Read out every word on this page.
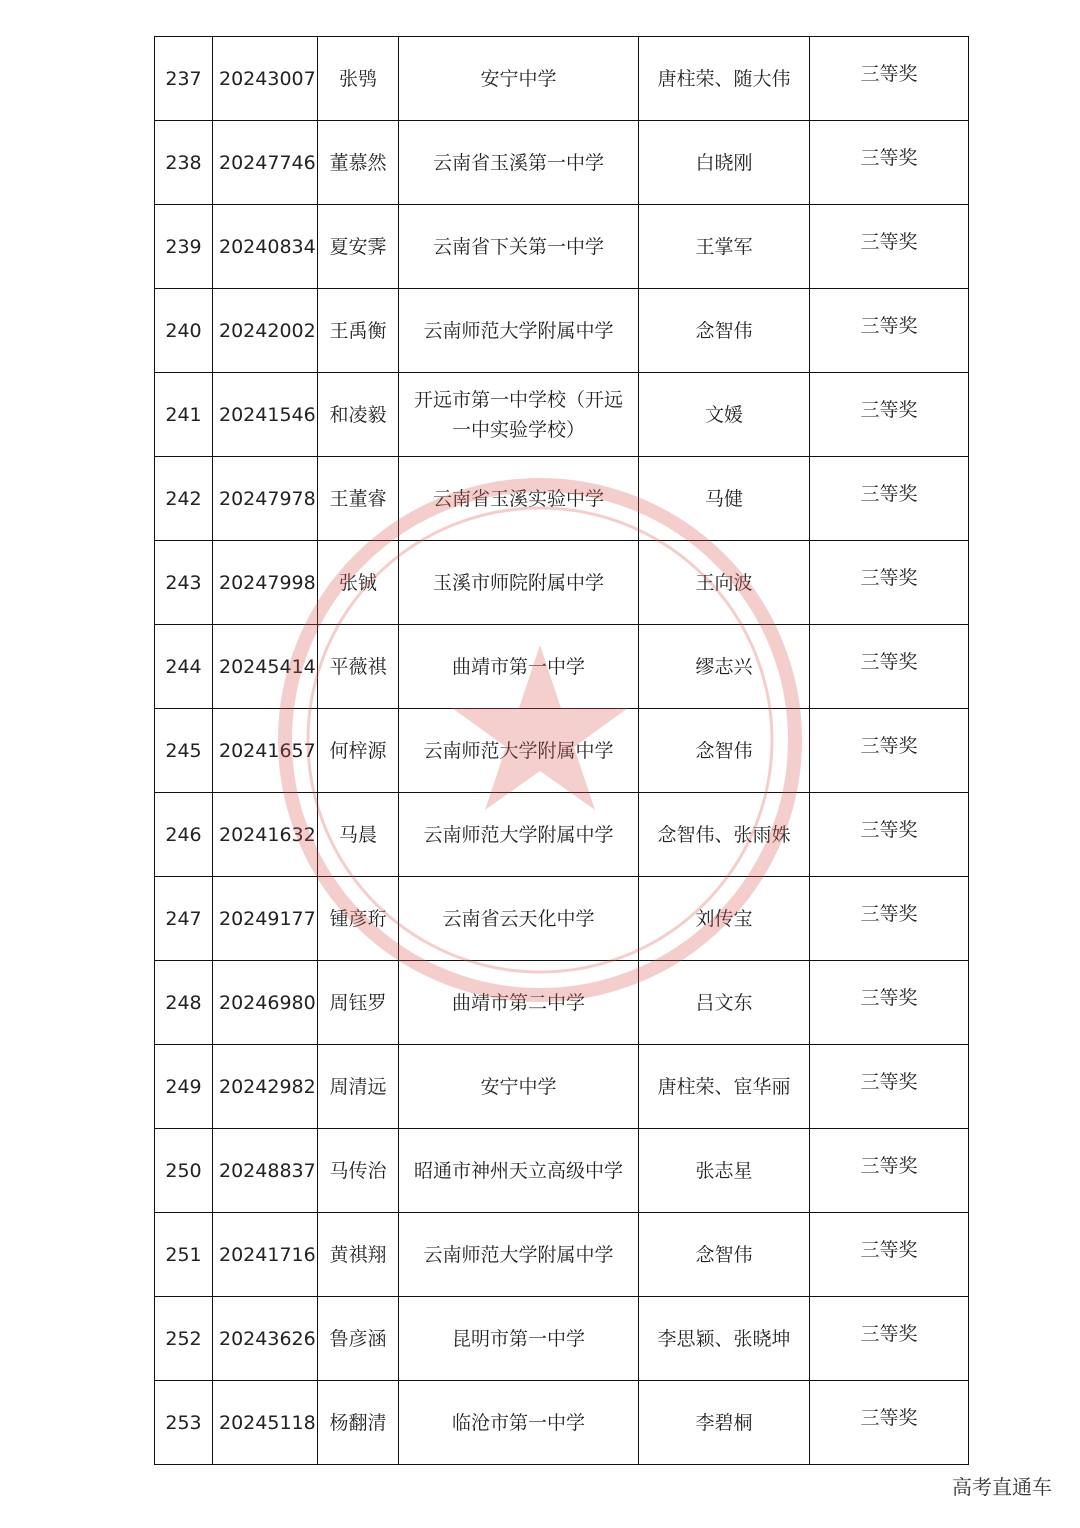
237	20243007	张鸮	安宁中学	唐柱荣、随大伟	三等奖
238	20247746	董慕然	云南省玉溪第一中学	白晓刚	三等奖
239	20240834	夏安霁	云南省下关第一中学	王掌军	三等奖
240	20242002	王禹衡	云南师范大学附属中学	念智伟	三等奖
241	20241546	和凌毅	开远市第一中学校（开远一中实验学校）	文媛	三等奖
242	20247978	王董睿	云南省玉溪实验中学	马健	三等奖
243	20247998	张铖	玉溪市师院附属中学	王向波	三等奖
244	20245414	平薇祺	曲靖市第一中学	缪志兴	三等奖
245	20241657	何梓源	云南师范大学附属中学	念智伟	三等奖
246	20241632	马晨	云南师范大学附属中学	念智伟、张雨姝	三等奖
247	20249177	锺彦珩	云南省云天化中学	刘传宝	三等奖
248	20246980	周钰罗	曲靖市第二中学	吕文东	三等奖
249	20242982	周清远	安宁中学	唐柱荣、宦华丽	三等奖
250	20248837	马传治	昭通市神州天立高级中学	张志星	三等奖
251	20241716	黄祺翔	云南师范大学附属中学	念智伟	三等奖
252	20243626	鲁彦涵	昆明市第一中学	李思颖、张晓坤	三等奖
253	20245118	杨翻清	临沧市第一中学	李碧桐	三等奖
高考直通车
